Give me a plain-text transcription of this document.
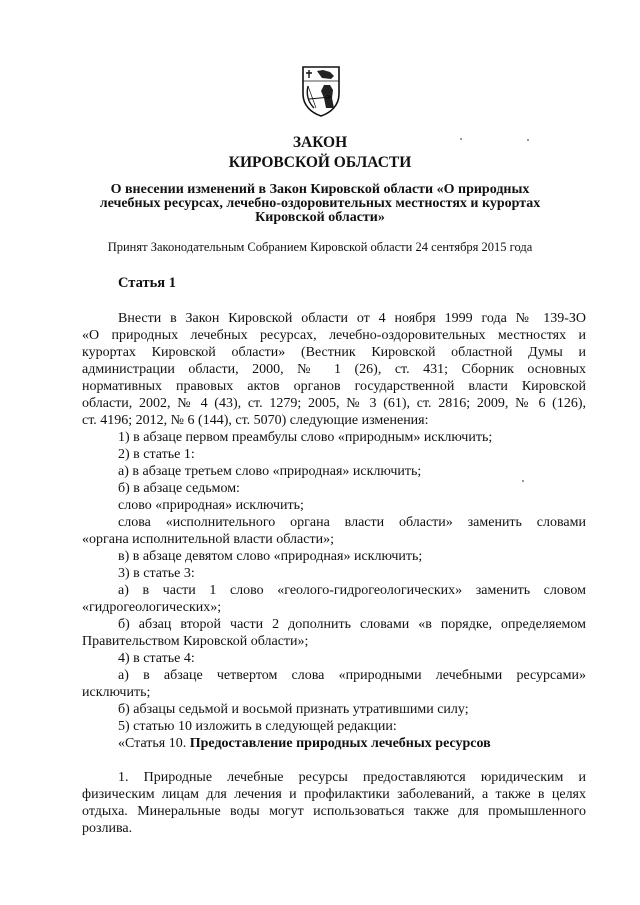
ЗАКОН
КИРОВСКОЙ ОБЛАСТИ
О внесении изменений в Закон Кировской области «О природных
лечебных ресурсах, лечебно-оздоровительных местностях и курортах
Кировской области»
Принят Законодательным Собранием Кировской области 24 сентября 2015 года
Статья 1
Внести в Закон Кировской области от 4 ноября 1999 года № 139-ЗО
«О природных лечебных ресурсах, лечебно-оздоровительных местностях и
курортах Кировской области» (Вестник Кировской областной Думы и
администрации области, 2000, № 1 (26), ст. 431; Сборник основных
нормативных правовых актов органов государственной власти Кировской
области, 2002, № 4 (43), ст. 1279; 2005, № 3 (61), ст. 2816; 2009, № 6 (126),
ст. 4196; 2012, № 6 (144), ст. 5070) следующие изменения:
1) в абзаце первом преамбулы слово «природным» исключить;
2) в статье 1:
а) в абзаце третьем слово «природная» исключить;
б) в абзаце седьмом:
слово «природная» исключить;
слова «исполнительного органа власти области» заменить словами
«органа исполнительной власти области»;
в) в абзаце девятом слово «природная» исключить;
3) в статье 3:
а) в части 1 слово «геолого-гидрогеологических» заменить словом
«гидрогеологических»;
б) абзац второй части 2 дополнить словами «в порядке, определяемом
Правительством Кировской области»;
4) в статье 4:
а) в абзаце четвертом слова «природными лечебными ресурсами»
исключить;
б) абзацы седьмой и восьмой признать утратившими силу;
5) статью 10 изложить в следующей редакции:
«Статья 10. Предоставление природных лечебных ресурсов
1. Природные лечебные ресурсы предоставляются юридическим и
физическим лицам для лечения и профилактики заболеваний, а также в целях
отдыха. Минеральные воды могут использоваться также для промышленного
розлива.
